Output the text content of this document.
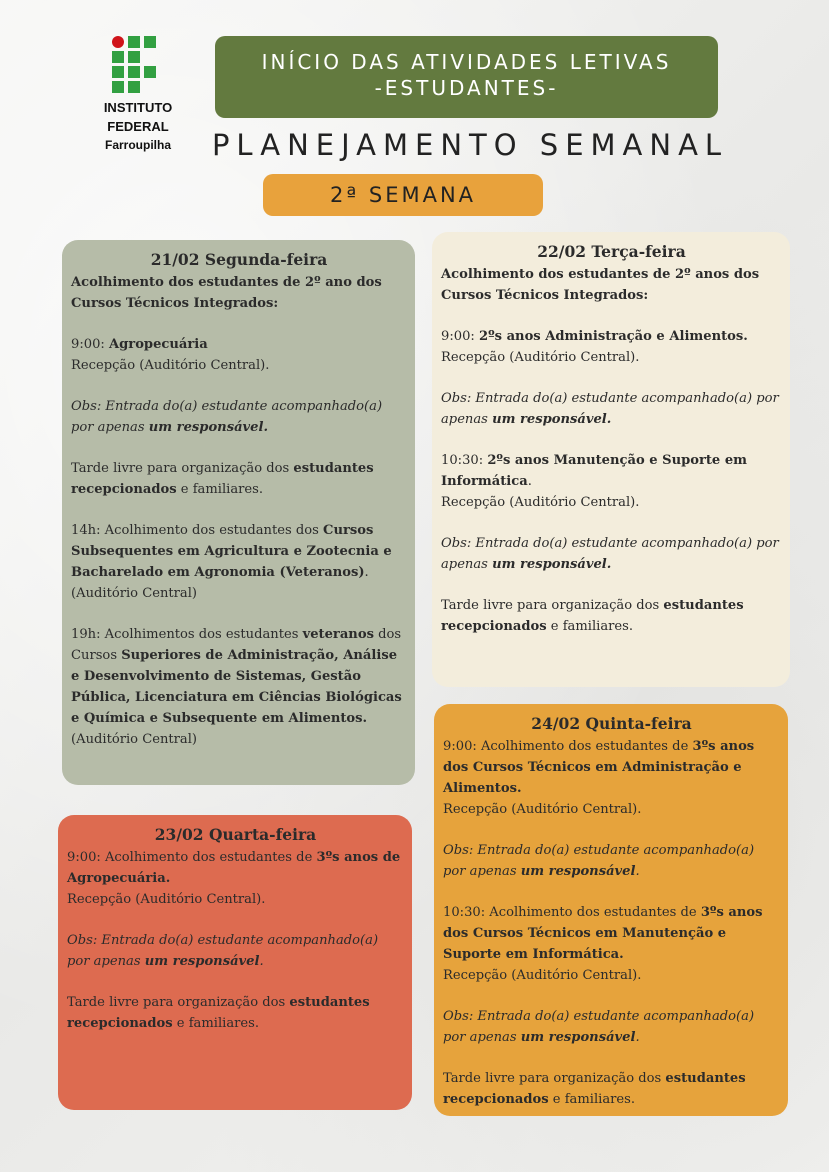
INSTITUTO
FEDERAL
Farroupilha
INÍCIO DAS ATIVIDADES LETIVAS
-ESTUDANTES-
PLANEJAMENTO SEMANAL
2ª SEMANA
21/02 Segunda-feira

Acolhimento dos estudantes de 2º ano dos Cursos Técnicos Integrados:

9:00: Agropecuária
Recepção (Auditório Central).

Obs: Entrada do(a) estudante acompanhado(a) por apenas um responsável.

Tarde livre para organização dos estudantes recepcionados e familiares.

14h: Acolhimento dos estudantes dos Cursos Subsequentes em Agricultura e Zootecnia e Bacharelado em Agronomia (Veteranos). (Auditório Central)

19h: Acolhimentos dos estudantes veteranos dos Cursos Superiores de Administração, Análise e Desenvolvimento de Sistemas, Gestão Pública, Licenciatura em Ciências Biológicas e Química e Subsequente em Alimentos. (Auditório Central)

22/02 Terça-feira

Acolhimento dos estudantes de 2º anos dos Cursos Técnicos Integrados:

9:00: 2ºs anos Administração e Alimentos.
Recepção (Auditório Central).

Obs: Entrada do(a) estudante acompanhado(a) por apenas um responsável.

10:30: 2ºs anos Manutenção e Suporte em Informática.
Recepção (Auditório Central).

Obs: Entrada do(a) estudante acompanhado(a) por apenas um responsável.

Tarde livre para organização dos estudantes recepcionados e familiares.

23/02 Quarta-feira

9:00: Acolhimento dos estudantes de 3ºs anos de Agropecuária.
Recepção (Auditório Central).

Obs: Entrada do(a) estudante acompanhado(a) por apenas um responsável.

Tarde livre para organização dos estudantes recepcionados e familiares.

24/02 Quinta-feira

9:00: Acolhimento dos estudantes de 3ºs anos dos Cursos Técnicos em Administração e Alimentos.
Recepção (Auditório Central).

Obs: Entrada do(a) estudante acompanhado(a) por apenas um responsável.

10:30: Acolhimento dos estudantes de 3ºs anos dos Cursos Técnicos em Manutenção e Suporte em Informática.
Recepção (Auditório Central).

Obs: Entrada do(a) estudante acompanhado(a) por apenas um responsável.

Tarde livre para organização dos estudantes recepcionados e familiares.
